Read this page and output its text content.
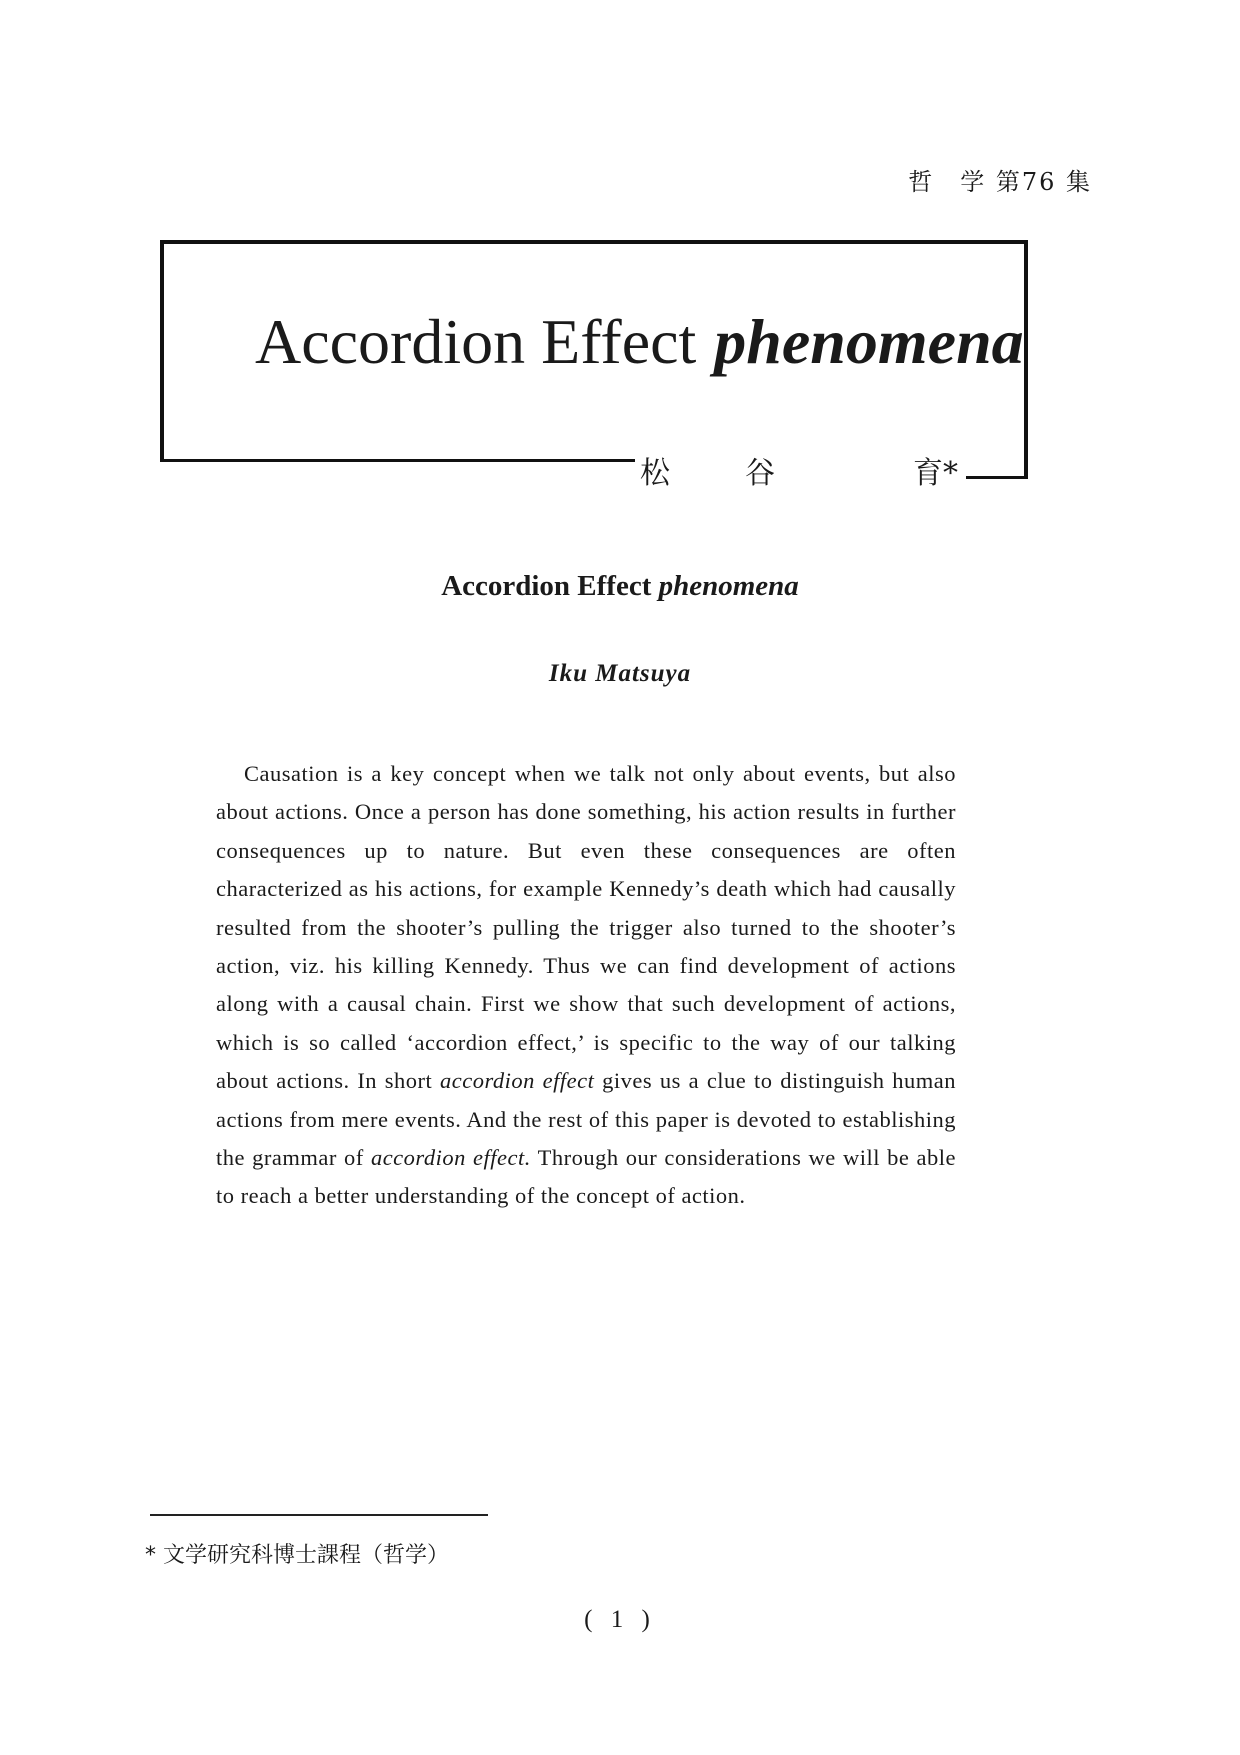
哲　学 第76 集
Accordion Effect phenomena
松	谷	育*
Accordion Effect phenomena
Iku Matsuya

Causation is a key concept when we talk not only about events, but also about actions. Once a person has done something, his action results in further consequences up to nature. But even these consequences are often characterized as his actions, for example Kennedy’s death which had causally resulted from the shooter’s pulling the trigger also turned to the shooter’s action, viz. his killing Kennedy. Thus we can find development of actions along with a causal chain. First we show that such development of actions, which is so called ‘accordion effect,’ is specific to the way of our talking about actions. In short accordion effect gives us a clue to distinguish human actions from mere events. And the rest of this paper is devoted to establishing the grammar of accordion effect. Through our considerations we will be able to reach a better understanding of the concept of action.

* 文学研究科博士課程（哲学）
( 1 )
